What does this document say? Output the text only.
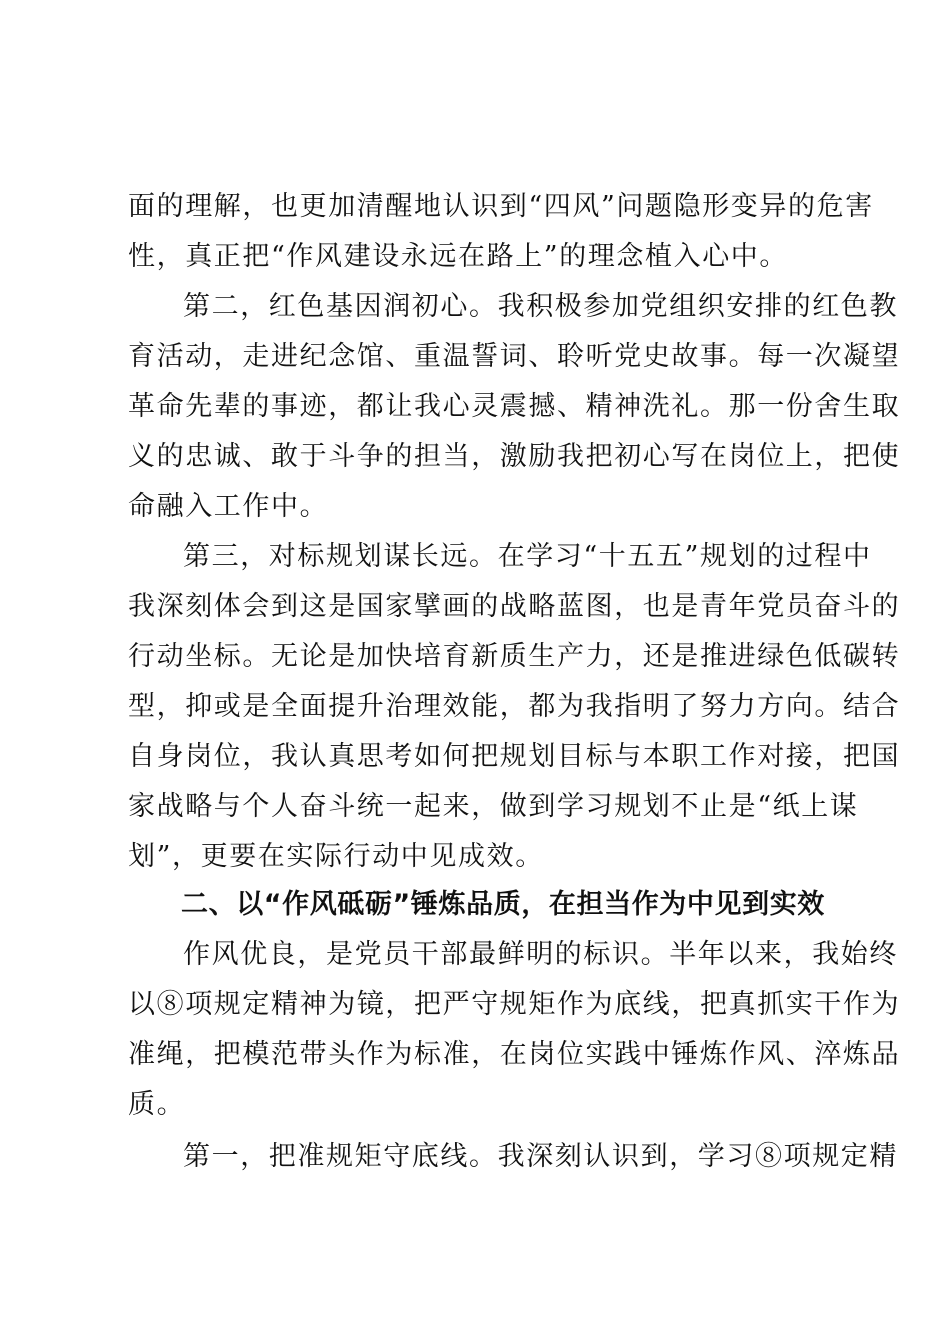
面的理解，也更加清醒地认识到“四风”问题隐形变异的危害
性，真正把“作风建设永远在路上”的理念植入心中。
第二，红色基因润初心。我积极参加党组织安排的红色教
育活动，走进纪念馆、重温誓词、聆听党史故事。每一次凝望
革命先辈的事迹，都让我心灵震撼、精神洗礼。那一份舍生取
义的忠诚、敢于斗争的担当，激励我把初心写在岗位上，把使
命融入工作中。
第三，对标规划谋长远。在学习“十五五”规划的过程中
我深刻体会到这是国家擘画的战略蓝图，也是青年党员奋斗的
行动坐标。无论是加快培育新质生产力，还是推进绿色低碳转
型，抑或是全面提升治理效能，都为我指明了努力方向。结合
自身岗位，我认真思考如何把规划目标与本职工作对接，把国
家战略与个人奋斗统一起来，做到学习规划不止是“纸上谋
划”，更要在实际行动中见成效。
二、以“作风砥砺”锤炼品质，在担当作为中见到实效
作风优良，是党员干部最鲜明的标识。半年以来，我始终
以⑧项规定精神为镜，把严守规矩作为底线，把真抓实干作为
准绳，把模范带头作为标准，在岗位实践中锤炼作风、淬炼品
质。
第一，把准规矩守底线。我深刻认识到，学习⑧项规定精
